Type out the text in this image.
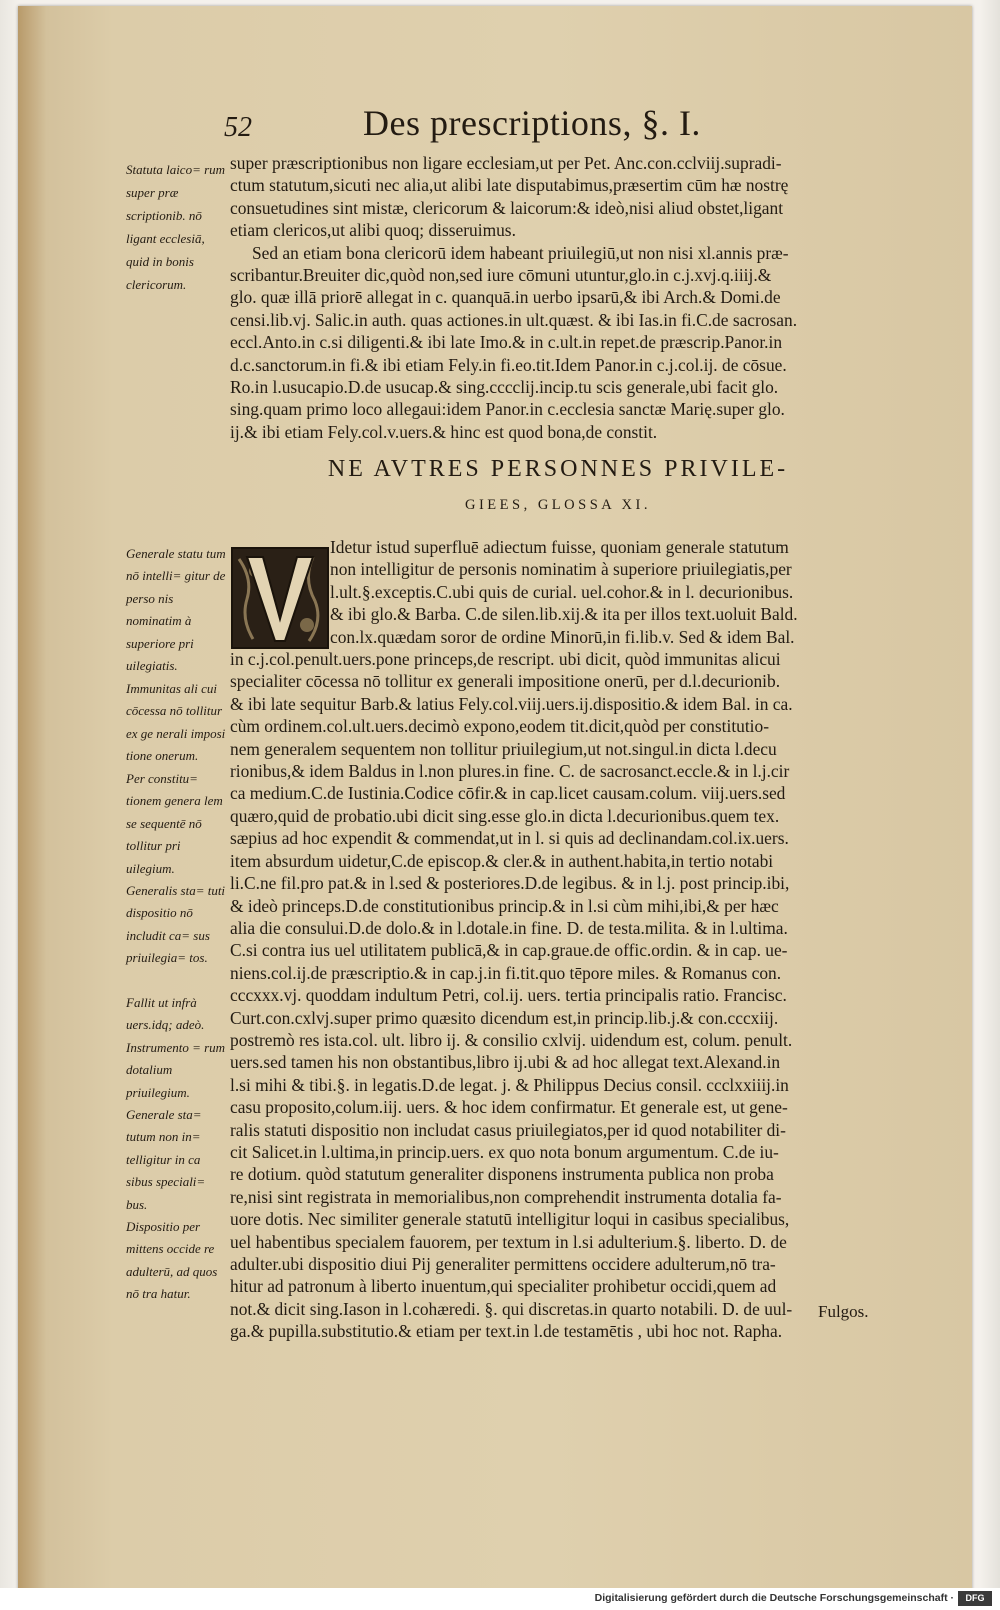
52	Des prescriptions, §. I.
Statuta laico= rum super præ scriptionib. nō ligant ecclesiā, quid in bonis clericorum.
super præscriptionibus non ligare ecclesiam,ut per Pet. Anc.con.cclviij.supradi-
ctum statutum,sicuti nec alia,ut alibi late disputabimus,præsertim cūm hæ nostrę
consuetudines sint mistæ, clericorum & laicorum:& ideò,nisi aliud obstet,ligant
etiam clericos,ut alibi quoq; disseruimus.
Sed an etiam bona clericorū idem habeant priuilegiū,ut non nisi xl.annis præ-
scribantur.Breuiter dic,quòd non,sed iure cōmuni utuntur,glo.in c.j.xvj.q.iiij.&
glo. quæ illā priorē allegat in c. quanquā.in uerbo ipsarū,& ibi Arch.& Domi.de
censi.lib.vj. Salic.in auth. quas actiones.in ult.quæst. & ibi Ias.in fi.C.de sacrosan.
eccl.Anto.in c.si diligenti.& ibi late Imo.& in c.ult.in repet.de præscrip.Panor.in
d.c.sanctorum.in fi.& ibi etiam Fely.in fi.eo.tit.Idem Panor.in c.j.col.ij. de cōsue.
Ro.in l.usucapio.D.de usucap.& sing.cccclij.incip.tu scis generale,ubi facit glo.
sing.quam primo loco allegaui:idem Panor.in c.ecclesia sanctæ Marię.super glo.
ij.& ibi etiam Fely.col.v.uers.& hinc est quod bona,de constit.
NE AVTRES PERSONNES PRIVILE-
GIEES, GLOSSA XI.
Idetur istud superfluē adiectum fuisse, quoniam generale statutum
non intelligitur de personis nominatim à superiore priuilegiatis,per
l.ult.§.exceptis.C.ubi quis de curial. uel.cohor.& in l. decurionibus.
& ibi glo.& Barba. C.de silen.lib.xij.& ita per illos text.uoluit Bald.
con.lx.quædam soror de ordine Minorū,in fi.lib.v. Sed & idem Bal.
in c.j.col.penult.uers.pone princeps,de rescript. ubi dicit, quòd immunitas alicui
specialiter cōcessa nō tollitur ex generali impositione onerū, per d.l.decurionib.
& ibi late sequitur Barb.& latius Fely.col.viij.uers.ij.dispositio.& idem Bal. in ca.
cùm ordinem.col.ult.uers.decimò expono,eodem tit.dicit,quòd per constitutio-
nem generalem sequentem non tollitur priuilegium,ut not.singul.in dicta l.decu
rionibus,& idem Baldus in l.non plures.in fine. C. de sacrosanct.eccle.& in l.j.cir
ca medium.C.de Iustinia.Codice cōfir.& in cap.licet causam.colum. viij.uers.sed
quæro,quid de probatio.ubi dicit sing.esse glo.in dicta l.decurionibus.quem tex.
sæpius ad hoc expendit & commendat,ut in l. si quis ad declinandam.col.ix.uers.
item absurdum uidetur,C.de episcop.& cler.& in authent.habita,in tertio notabi
li.C.ne fil.pro pat.& in l.sed & posteriores.D.de legibus. & in l.j. post princip.ibi,
& ideò princeps.D.de constitutionibus princip.& in l.si cùm mihi,ibi,& per hæc
alia die consului.D.de dolo.& in l.dotale.in fine. D. de testa.milita. & in l.ultima.
C.si contra ius uel utilitatem publicā,& in cap.graue.de offic.ordin. & in cap. ue-
niens.col.ij.de præscriptio.& in cap.j.in fi.tit.quo tēpore miles. & Romanus con.
cccxxx.vj. quoddam indultum Petri, col.ij. uers. tertia principalis ratio. Francisc.
Curt.con.cxlvj.super primo quæsito dicendum est,in princip.lib.j.& con.cccxiij.
postremò res ista.col. ult. libro ij. & consilio cxlvij. uidendum est, colum. penult.
uers.sed tamen his non obstantibus,libro ij.ubi & ad hoc allegat text.Alexand.in
l.si mihi & tibi.§. in legatis.D.de legat. j. & Philippus Decius consil. ccclxxiiij.in
casu proposito,colum.iij. uers. & hoc idem confirmatur. Et generale est, ut gene-
ralis statuti dispositio non includat casus priuilegiatos,per id quod notabiliter di-
cit Salicet.in l.ultima,in princip.uers. ex quo nota bonum argumentum. C.de iu-
re dotium. quòd statutum generaliter disponens instrumenta publica non proba
re,nisi sint registrata in memorialibus,non comprehendit instrumenta dotalia fa-
uore dotis. Nec similiter generale statutū intelligitur loqui in casibus specialibus,
uel habentibus specialem fauorem, per textum in l.si adulterium.§. liberto. D. de
adulter.ubi dispositio diui Pij generaliter permittens occidere adulterum,nō tra-
hitur ad patronum à liberto inuentum,qui specialiter prohibetur occidi,quem ad
not.& dicit sing.Iason in l.cohæredi. §. qui discretas.in quarto notabili. D. de uul-
ga.& pupilla.substitutio.& etiam per text.in l.de testamētis , ubi hoc not. Rapha.
Generale statu tum nō intelli= gitur de perso nis nominatim à superiore pri uilegiatis.
Immunitas ali cui cōcessa nō tollitur ex ge nerali imposi tione onerum.
Per constitu= tionem genera lem se sequentē nō tollitur pri uilegium.
Generalis sta= tuti dispositio nō includit ca= sus priuilegia= tos.
Fallit ut infrà uers.idq; adeò.
Instrumento = rum dotalium priuilegium.
Generale sta= tutum non in= telligitur in ca sibus speciali= bus.
Dispositio per mittens occide re adulterū, ad quos nō tra hatur.
Fulgos.
Digitalisierung gefördert durch die Deutsche Forschungsgemeinschaft ·	DFG
